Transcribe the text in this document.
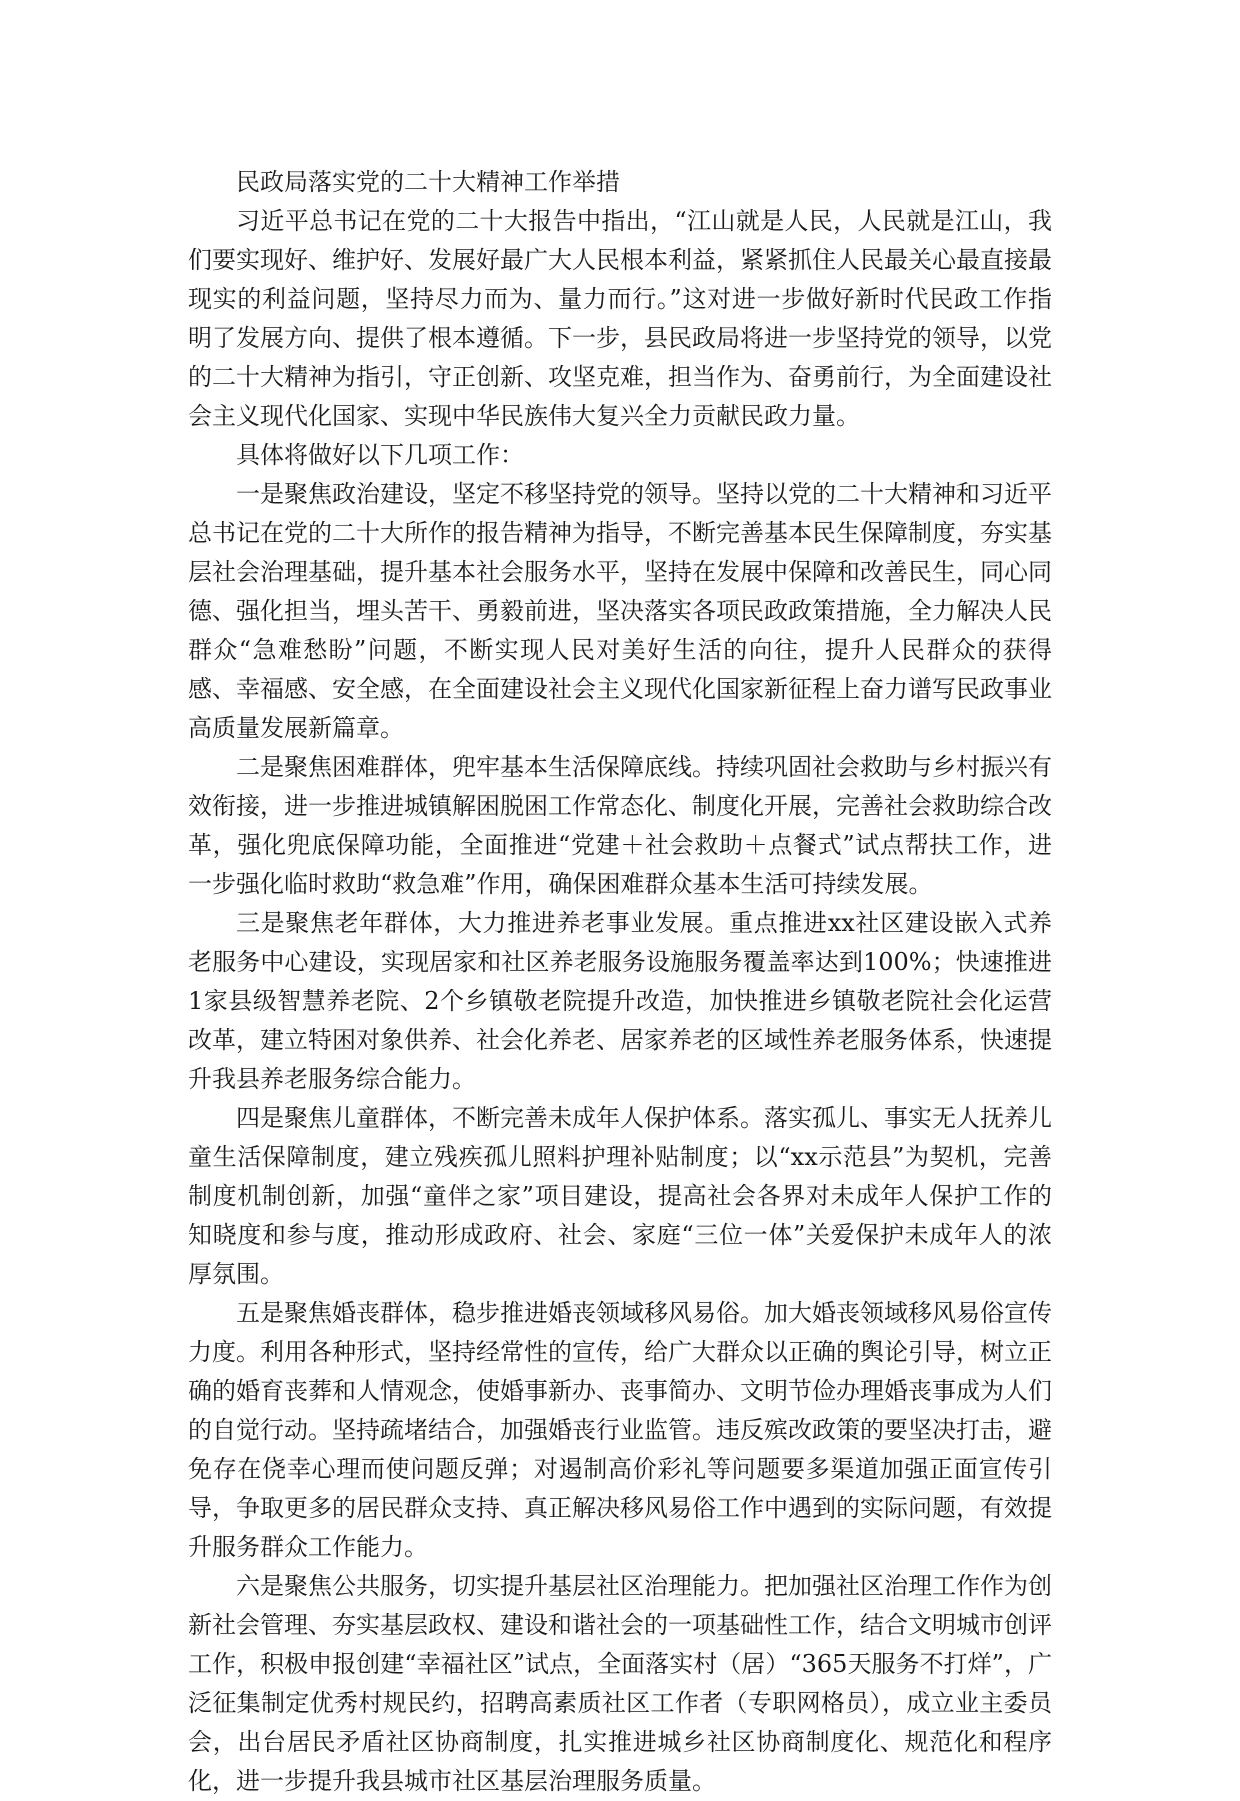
民政局落实党的二十大精神工作举措

习近平总书记在党的二十大报告中指出，“江山就是人民，人民就是江山，我们要实现好、维护好、发展好最广大人民根本利益，紧紧抓住人民最关心最直接最现实的利益问题，坚持尽力而为、量力而行。”这对进一步做好新时代民政工作指明了发展方向、提供了根本遵循。下一步，县民政局将进一步坚持党的领导，以党的二十大精神为指引，守正创新、攻坚克难，担当作为、奋勇前行，为全面建设社会主义现代化国家、实现中华民族伟大复兴全力贡献民政力量。

具体将做好以下几项工作：

一是聚焦政治建设，坚定不移坚持党的领导。坚持以党的二十大精神和习近平总书记在党的二十大所作的报告精神为指导，不断完善基本民生保障制度，夯实基层社会治理基础，提升基本社会服务水平，坚持在发展中保障和改善民生，同心同德、强化担当，埋头苦干、勇毅前进，坚决落实各项民政政策措施，全力解决人民群众“急难愁盼”问题，不断实现人民对美好生活的向往，提升人民群众的获得感、幸福感、安全感，在全面建设社会主义现代化国家新征程上奋力谱写民政事业高质量发展新篇章。

二是聚焦困难群体，兜牢基本生活保障底线。持续巩固社会救助与乡村振兴有效衔接，进一步推进城镇解困脱困工作常态化、制度化开展，完善社会救助综合改革，强化兜底保障功能，全面推进“党建＋社会救助＋点餐式”试点帮扶工作，进一步强化临时救助“救急难”作用，确保困难群众基本生活可持续发展。

三是聚焦老年群体，大力推进养老事业发展。重点推进xx社区建设嵌入式养老服务中心建设，实现居家和社区养老服务设施服务覆盖率达到100%；快速推进1家县级智慧养老院、2个乡镇敬老院提升改造，加快推进乡镇敬老院社会化运营改革，建立特困对象供养、社会化养老、居家养老的区域性养老服务体系，快速提升我县养老服务综合能力。

四是聚焦儿童群体，不断完善未成年人保护体系。落实孤儿、事实无人抚养儿童生活保障制度，建立残疾孤儿照料护理补贴制度；以“xx示范县”为契机，完善制度机制创新，加强“童伴之家”项目建设，提高社会各界对未成年人保护工作的知晓度和参与度，推动形成政府、社会、家庭“三位一体”关爱保护未成年人的浓厚氛围。

五是聚焦婚丧群体，稳步推进婚丧领域移风易俗。加大婚丧领域移风易俗宣传力度。利用各种形式，坚持经常性的宣传，给广大群众以正确的舆论引导，树立正确的婚育丧葬和人情观念，使婚事新办、丧事简办、文明节俭办理婚丧事成为人们的自觉行动。坚持疏堵结合，加强婚丧行业监管。违反殡改政策的要坚决打击，避免存在侥幸心理而使问题反弹；对遏制高价彩礼等问题要多渠道加强正面宣传引导，争取更多的居民群众支持、真正解决移风易俗工作中遇到的实际问题，有效提升服务群众工作能力。

六是聚焦公共服务，切实提升基层社区治理能力。把加强社区治理工作作为创新社会管理、夯实基层政权、建设和谐社会的一项基础性工作，结合文明城市创评工作，积极申报创建“幸福社区”试点，全面落实村（居）“365天服务不打烊”，广泛征集制定优秀村规民约，招聘高素质社区工作者（专职网格员），成立业主委员会，出台居民矛盾社区协商制度，扎实推进城乡社区协商制度化、规范化和程序化，进一步提升我县城市社区基层治理服务质量。
